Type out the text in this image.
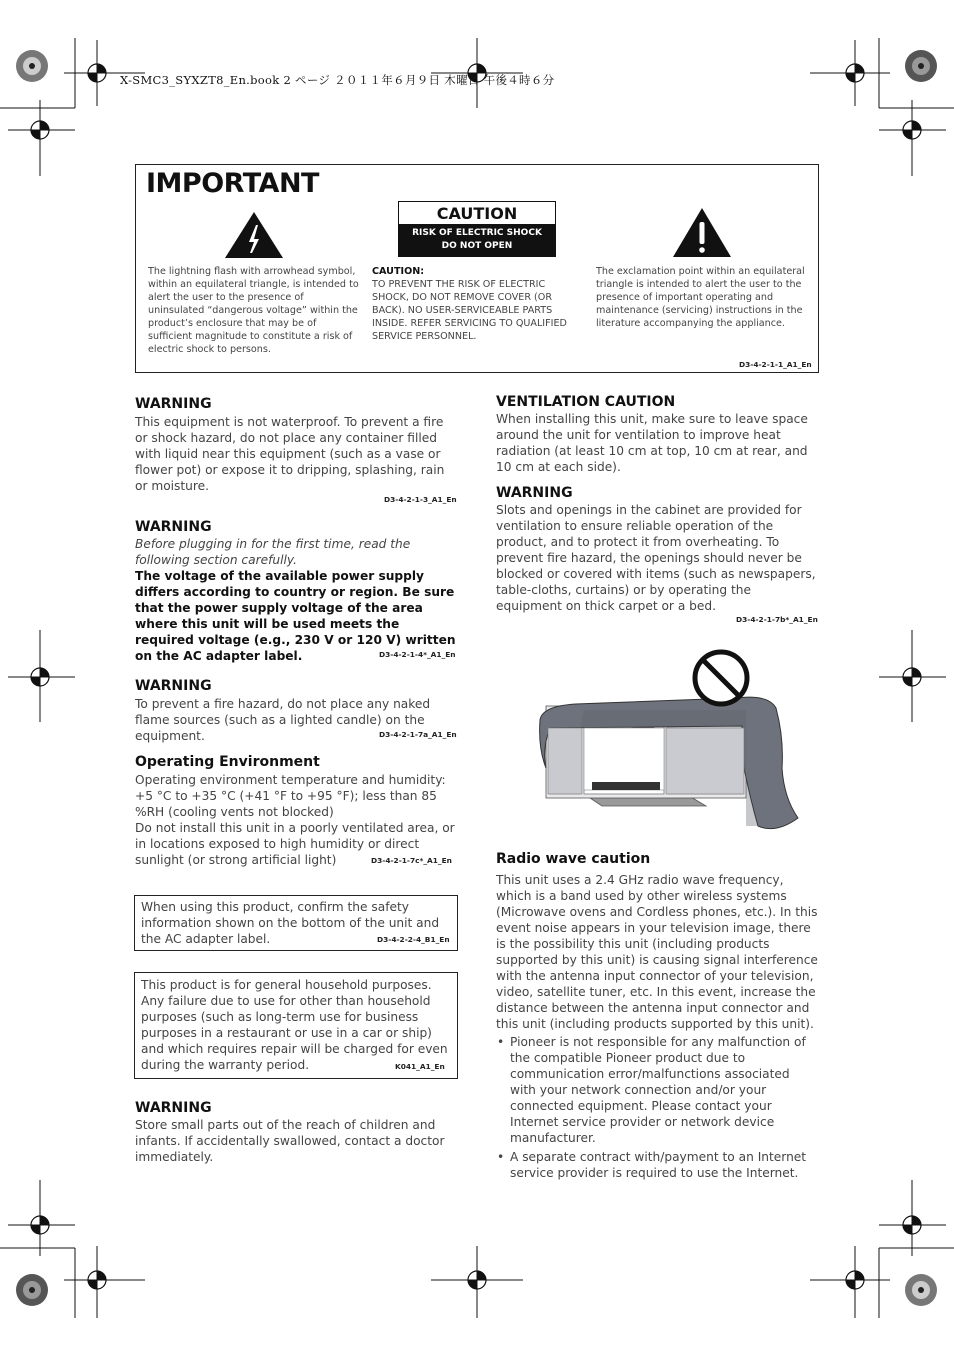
X-SMC3_SYXZT8_En.book 2 ページ ２０１１年６月９日 木曜日 午後４時６分
IMPORTANT
CAUTION
RISK OF ELECTRIC SHOCK
DO NOT OPEN
The lightning flash with arrowhead symbol, within an equilateral triangle, is intended to alert the user to the presence of uninsulated “dangerous voltage” within the product’s enclosure that may be of sufficient magnitude to constitute a risk of electric shock to persons.
CAUTION:
TO PREVENT THE RISK OF ELECTRIC SHOCK, DO NOT REMOVE COVER (OR BACK). NO USER-SERVICEABLE PARTS INSIDE. REFER SERVICING TO QUALIFIED SERVICE PERSONNEL.
The exclamation point within an equilateral triangle is intended to alert the user to the presence of important operating and maintenance (servicing) instructions in the literature accompanying the appliance.
D3-4-2-1-1_A1_En
WARNING
This equipment is not waterproof. To prevent a fire or shock hazard, do not place any container filled with liquid near this equipment (such as a vase or flower pot) or expose it to dripping, splashing, rain or moisture.
D3-4-2-1-3_A1_En
WARNING
Before plugging in for the first time, read the following section carefully.
The voltage of the available power supply differs according to country or region. Be sure that the power supply voltage of the area where this unit will be used meets the required voltage (e.g., 230 V or 120 V) written on the AC adapter label.	D3-4-2-1-4*_A1_En
WARNING
To prevent a fire hazard, do not place any naked flame sources (such as a lighted candle) on the equipment.	D3-4-2-1-7a_A1_En
Operating Environment
Operating environment temperature and humidity: +5 °C to +35 °C (+41 °F to +95 °F); less than 85 %RH (cooling vents not blocked)
Do not install this unit in a poorly ventilated area, or in locations exposed to high humidity or direct sunlight (or strong artificial light)	D3-4-2-1-7c*_A1_En
When using this product, confirm the safety information shown on the bottom of the unit and the AC adapter label.	D3-4-2-2-4_B1_En
This product is for general household purposes. Any failure due to use for other than household purposes (such as long-term use for business purposes in a restaurant or use in a car or ship) and which requires repair will be charged for even during the warranty period.	K041_A1_En
WARNING
Store small parts out of the reach of children and infants. If accidentally swallowed, contact a doctor immediately.
VENTILATION CAUTION
When installing this unit, make sure to leave space around the unit for ventilation to improve heat radiation (at least 10 cm at top, 10 cm at rear, and 10 cm at each side).
WARNING
Slots and openings in the cabinet are provided for ventilation to ensure reliable operation of the product, and to protect it from overheating. To prevent fire hazard, the openings should never be blocked or covered with items (such as newspapers, table-cloths, curtains) or by operating the equipment on thick carpet or a bed.
D3-4-2-1-7b*_A1_En
Radio wave caution
This unit uses a 2.4 GHz radio wave frequency, which is a band used by other wireless systems (Microwave ovens and Cordless phones, etc.). In this event noise appears in your television image, there is the possibility this unit (including products supported by this unit) is causing signal interference with the antenna input connector of your television, video, satellite tuner, etc. In this event, increase the distance between the antenna input connector and this unit (including products supported by this unit).
• Pioneer is not responsible for any malfunction of the compatible Pioneer product due to communication error/malfunctions associated with your network connection and/or your connected equipment. Please contact your Internet service provider or network device manufacturer.
• A separate contract with/payment to an Internet service provider is required to use the Internet.
